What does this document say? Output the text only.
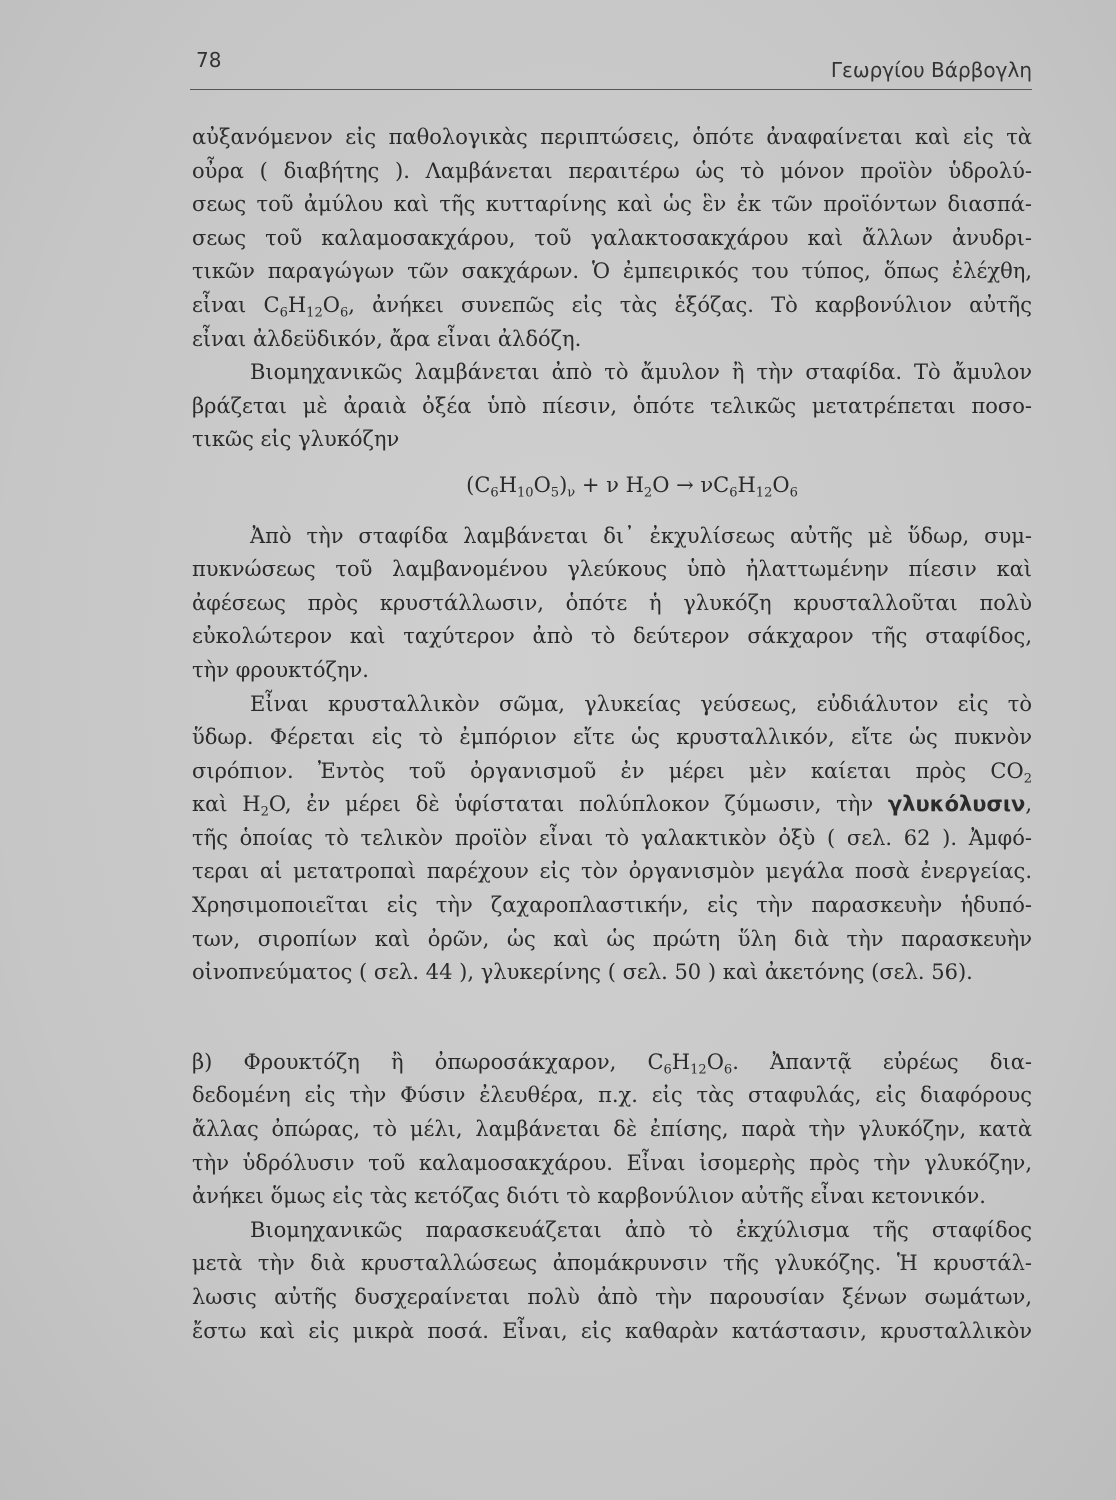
78	Γεωργίου Βάρβογλη
αὐξανόμενον εἰς παθολογικὰς περιπτώσεις, ὁπότε ἀναφαίνεται καὶ εἰς τὰ
οὖρα ( διαβήτης ). Λαμβάνεται περαιτέρω ὡς τὸ μόνον προϊὸν ὑδρολύ-
σεως τοῦ ἀμύλου καὶ τῆς κυτταρίνης καὶ ὡς ἓν ἐκ τῶν προϊόντων διασπά-
σεως τοῦ καλαμοσακχάρου, τοῦ γαλακτοσακχάρου καὶ ἄλλων ἀνυδρι-
τικῶν παραγώγων τῶν σακχάρων. Ὁ ἐμπειρικός του τύπος, ὅπως ἐλέχθη,
εἶναι $C_6H_{12}O_6$, ἀνήκει συνεπῶς εἰς τὰς ἑξόζας. Τὸ καρβονύλιον αὐτῆς
εἶναι ἀλδεϋδικόν, ἄρα εἶναι ἀλδόζη.
Βιομηχανικῶς λαμβάνεται ἀπὸ τὸ ἄμυλον ἢ τὴν σταφίδα. Τὸ ἄμυλον
βράζεται μὲ ἀραιὰ ὀξέα ὑπὸ πίεσιν, ὁπότε τελικῶς μετατρέπεται ποσο-
τικῶς εἰς γλυκόζην
$(C_6H_{10}O_5)_\nu + \nu$ $H_2O \to \nu C_6H_{12}O_6$
Ἀπὸ τὴν σταφίδα λαμβάνεται δι᾽ ἐκχυλίσεως αὐτῆς μὲ ὕδωρ, συμ-
πυκνώσεως τοῦ λαμβανομένου γλεύκους ὑπὸ ἠλαττωμένην πίεσιν καὶ
ἀφέσεως πρὸς κρυστάλλωσιν, ὁπότε ἡ γλυκόζη κρυσταλλοῦται πολὺ
εὐκολώτερον καὶ ταχύτερον ἀπὸ τὸ δεύτερον σάκχαρον τῆς σταφίδος,
τὴν φρουκτόζην.
Εἶναι κρυσταλλικὸν σῶμα, γλυκείας γεύσεως, εὐδιάλυτον εἰς τὸ
ὕδωρ. Φέρεται εἰς τὸ ἐμπόριον εἴτε ὡς κρυσταλλικόν, εἴτε ὡς πυκνὸν
σιρόπιον. Ἐντὸς τοῦ ὀργανισμοῦ ἐν μέρει μὲν καίεται πρὸς $CO_2$
καὶ $H_2O$, ἐν μέρει δὲ ὑφίσταται πολύπλοκον ζύμωσιν, τὴν γλυκόλυσιν,
τῆς ὁποίας τὸ τελικὸν προϊὸν εἶναι τὸ γαλακτικὸν ὀξὺ ( σελ. 62 ). Ἀμφό-
τεραι αἱ μετατροπαὶ παρέχουν εἰς τὸν ὀργανισμὸν μεγάλα ποσὰ ἐνεργείας.
Χρησιμοποιεῖται εἰς τὴν ζαχαροπλαστικήν, εἰς τὴν παρασκευὴν ἡδυπό-
των, σιροπίων καὶ ὀρῶν, ὡς καὶ ὡς πρώτη ὕλη διὰ τὴν παρασκευὴν
οἰνοπνεύματος ( σελ. 44 ), γλυκερίνης ( σελ. 50 ) καὶ ἀκετόνης (σελ. 56).
β) Φρουκτόζη ἢ ὀπωροσάκχαρον, $C_6H_{12}O_6$. Ἀπαντᾷ εὐρέως δια-
δεδομένη εἰς τὴν Φύσιν ἐλευθέρα, π.χ. εἰς τὰς σταφυλάς, εἰς διαφόρους
ἄλλας ὀπώρας, τὸ μέλι, λαμβάνεται δὲ ἐπίσης, παρὰ τὴν γλυκόζην, κατὰ
τὴν ὑδρόλυσιν τοῦ καλαμοσακχάρου. Εἶναι ἰσομερὴς πρὸς τὴν γλυκόζην,
ἀνήκει ὅμως εἰς τὰς κετόζας διότι τὸ καρβονύλιον αὐτῆς εἶναι κετονικόν.
Βιομηχανικῶς παρασκευάζεται ἀπὸ τὸ ἐκχύλισμα τῆς σταφίδος
μετὰ τὴν διὰ κρυσταλλώσεως ἀπομάκρυνσιν τῆς γλυκόζης. Ἡ κρυστάλ-
λωσις αὐτῆς δυσχεραίνεται πολὺ ἀπὸ τὴν παρουσίαν ξένων σωμάτων,
ἔστω καὶ εἰς μικρὰ ποσά. Εἶναι, εἰς καθαρὰν κατάστασιν, κρυσταλλικὸν
